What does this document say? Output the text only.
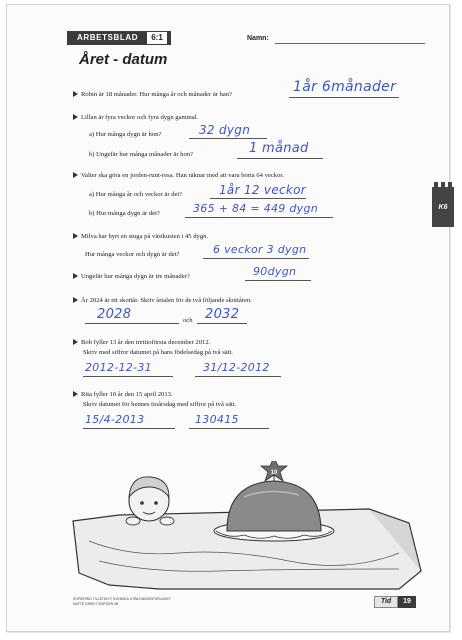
ARBETSBLAD	6:1	Namn:
Året - datum
K6
Robin är 18 månader. Hur många år och månader är han?	1år 6månader
Lillan är fyra veckor och fyra dygn gammal.
a) Hur många dygn är hon?	32 dygn
b) Ungefär hur många månader är hon?	1 månad
Valter ska göra en jorden-runt-resa. Han räknar med att vara borta 64 veckor.
a) Hur många år och veckor är det?	1år 12 veckor
b) Hur många dygn är det?	365 + 84 = 449 dygn
Milva har hyrt en stuga på västkusten i 45 dygn.
Hur många veckor och dygn är det?	6 veckor 3 dygn
Ungefär hur många dygn är tre månader?	90dygn
År 2024 är ett skottår. Skriv årtalen för de två följande skottåren.
2028	och 2032
Bob fyller 13 år den trettioförsta december 2012.
Skriv med siffror datumet på hans födelsedag på två sätt.
2012-12-31	31/12-2012
Rita fyller 10 år den 15 april 2013.
Skriv datumet för hennes tioårsdag med siffror på två sätt.
15/4-2013	130415
10
KOPIERING TILLÅTEN © SVENSKA UTBILDNINGSFÖRLAGET
MATTE DIREKT BORGEN 4B	Tid	19
